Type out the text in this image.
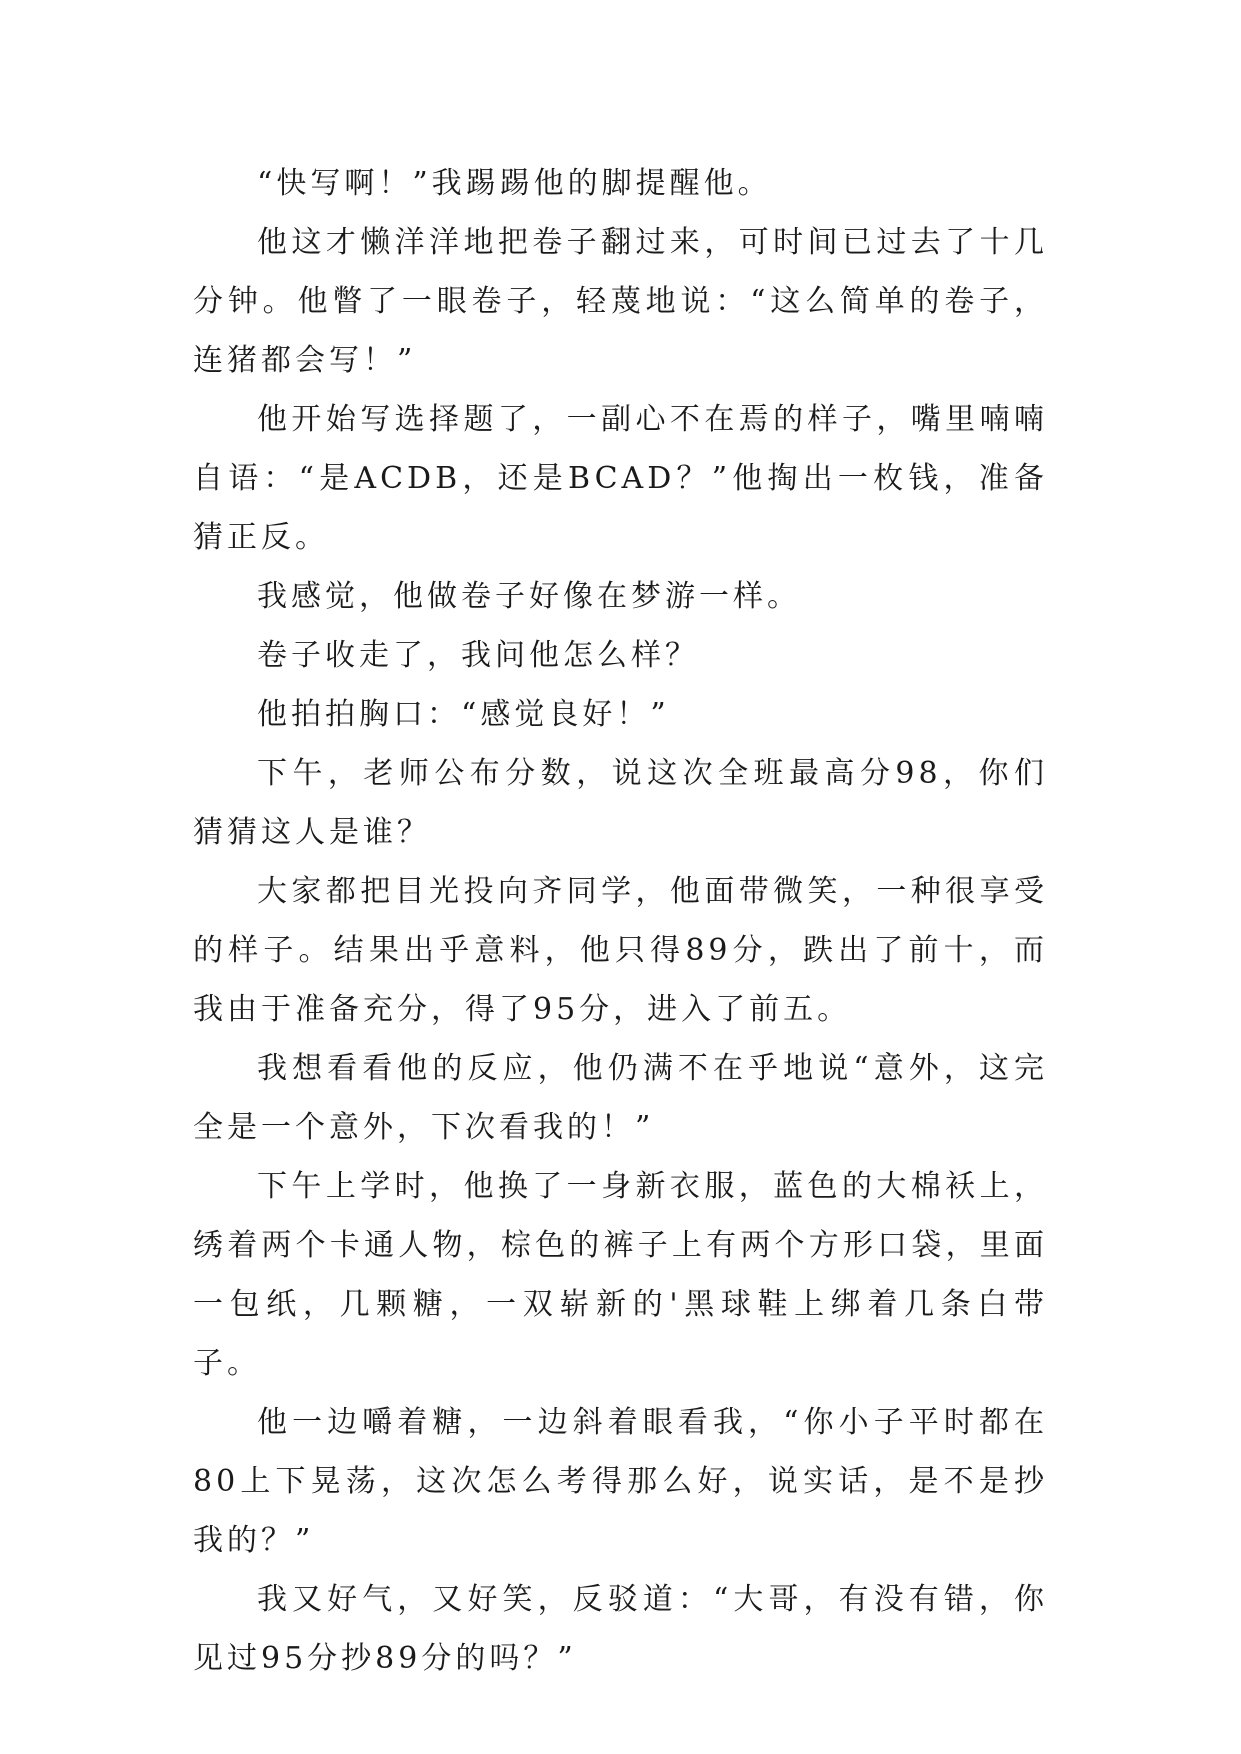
“快写啊！”我踢踢他的脚提醒他。

他这才懒洋洋地把卷子翻过来，可时间已过去了十几分钟。他瞥了一眼卷子，轻蔑地说：“这么简单的卷子，连猪都会写！”

他开始写选择题了，一副心不在焉的样子，嘴里喃喃自语：“是ACDB，还是BCAD？”他掏出一枚钱，准备猜正反。

我感觉，他做卷子好像在梦游一样。

卷子收走了，我问他怎么样？

他拍拍胸口：“感觉良好！”

下午，老师公布分数，说这次全班最高分98，你们猜猜这人是谁？

大家都把目光投向齐同学，他面带微笑，一种很享受的样子。结果出乎意料，他只得89分，跌出了前十，而我由于准备充分，得了95分，进入了前五。

我想看看他的反应，他仍满不在乎地说“意外，这完全是一个意外，下次看我的！”

下午上学时，他换了一身新衣服，蓝色的大棉袄上，绣着两个卡通人物，棕色的裤子上有两个方形口袋，里面一包纸，几颗糖，一双崭新的'黑球鞋上绑着几条白带子。

他一边嚼着糖，一边斜着眼看我，“你小子平时都在80上下晃荡，这次怎么考得那么好，说实话，是不是抄我的？”

我又好气，又好笑，反驳道：“大哥，有没有错，你见过95分抄89分的吗？”
